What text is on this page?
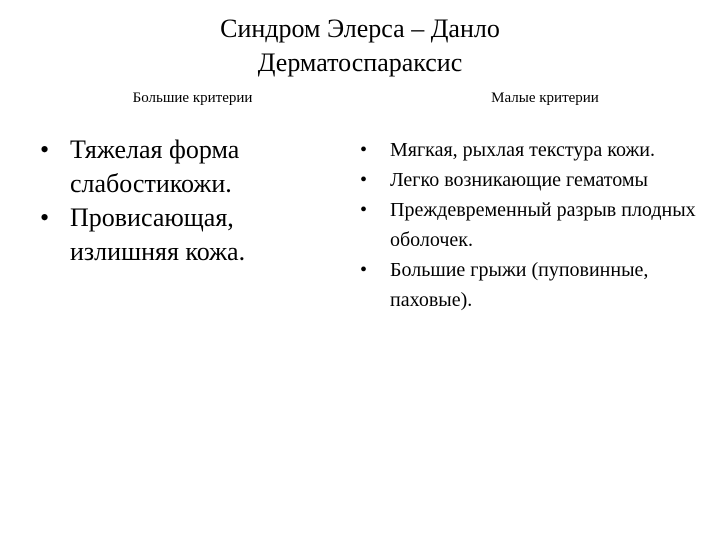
Синдром Элерса – Данло
Дерматоспараксис
Большие критерии	Малые критерии
• Тяжелая форма слабостикожи.
• Провисающая, излишняя кожа.
• Мягкая, рыхлая текстура кожи.
• Легко возникающие гематомы
• Преждевременный разрыв плодных оболочек.
• Большие грыжи (пуповинные, паховые).
